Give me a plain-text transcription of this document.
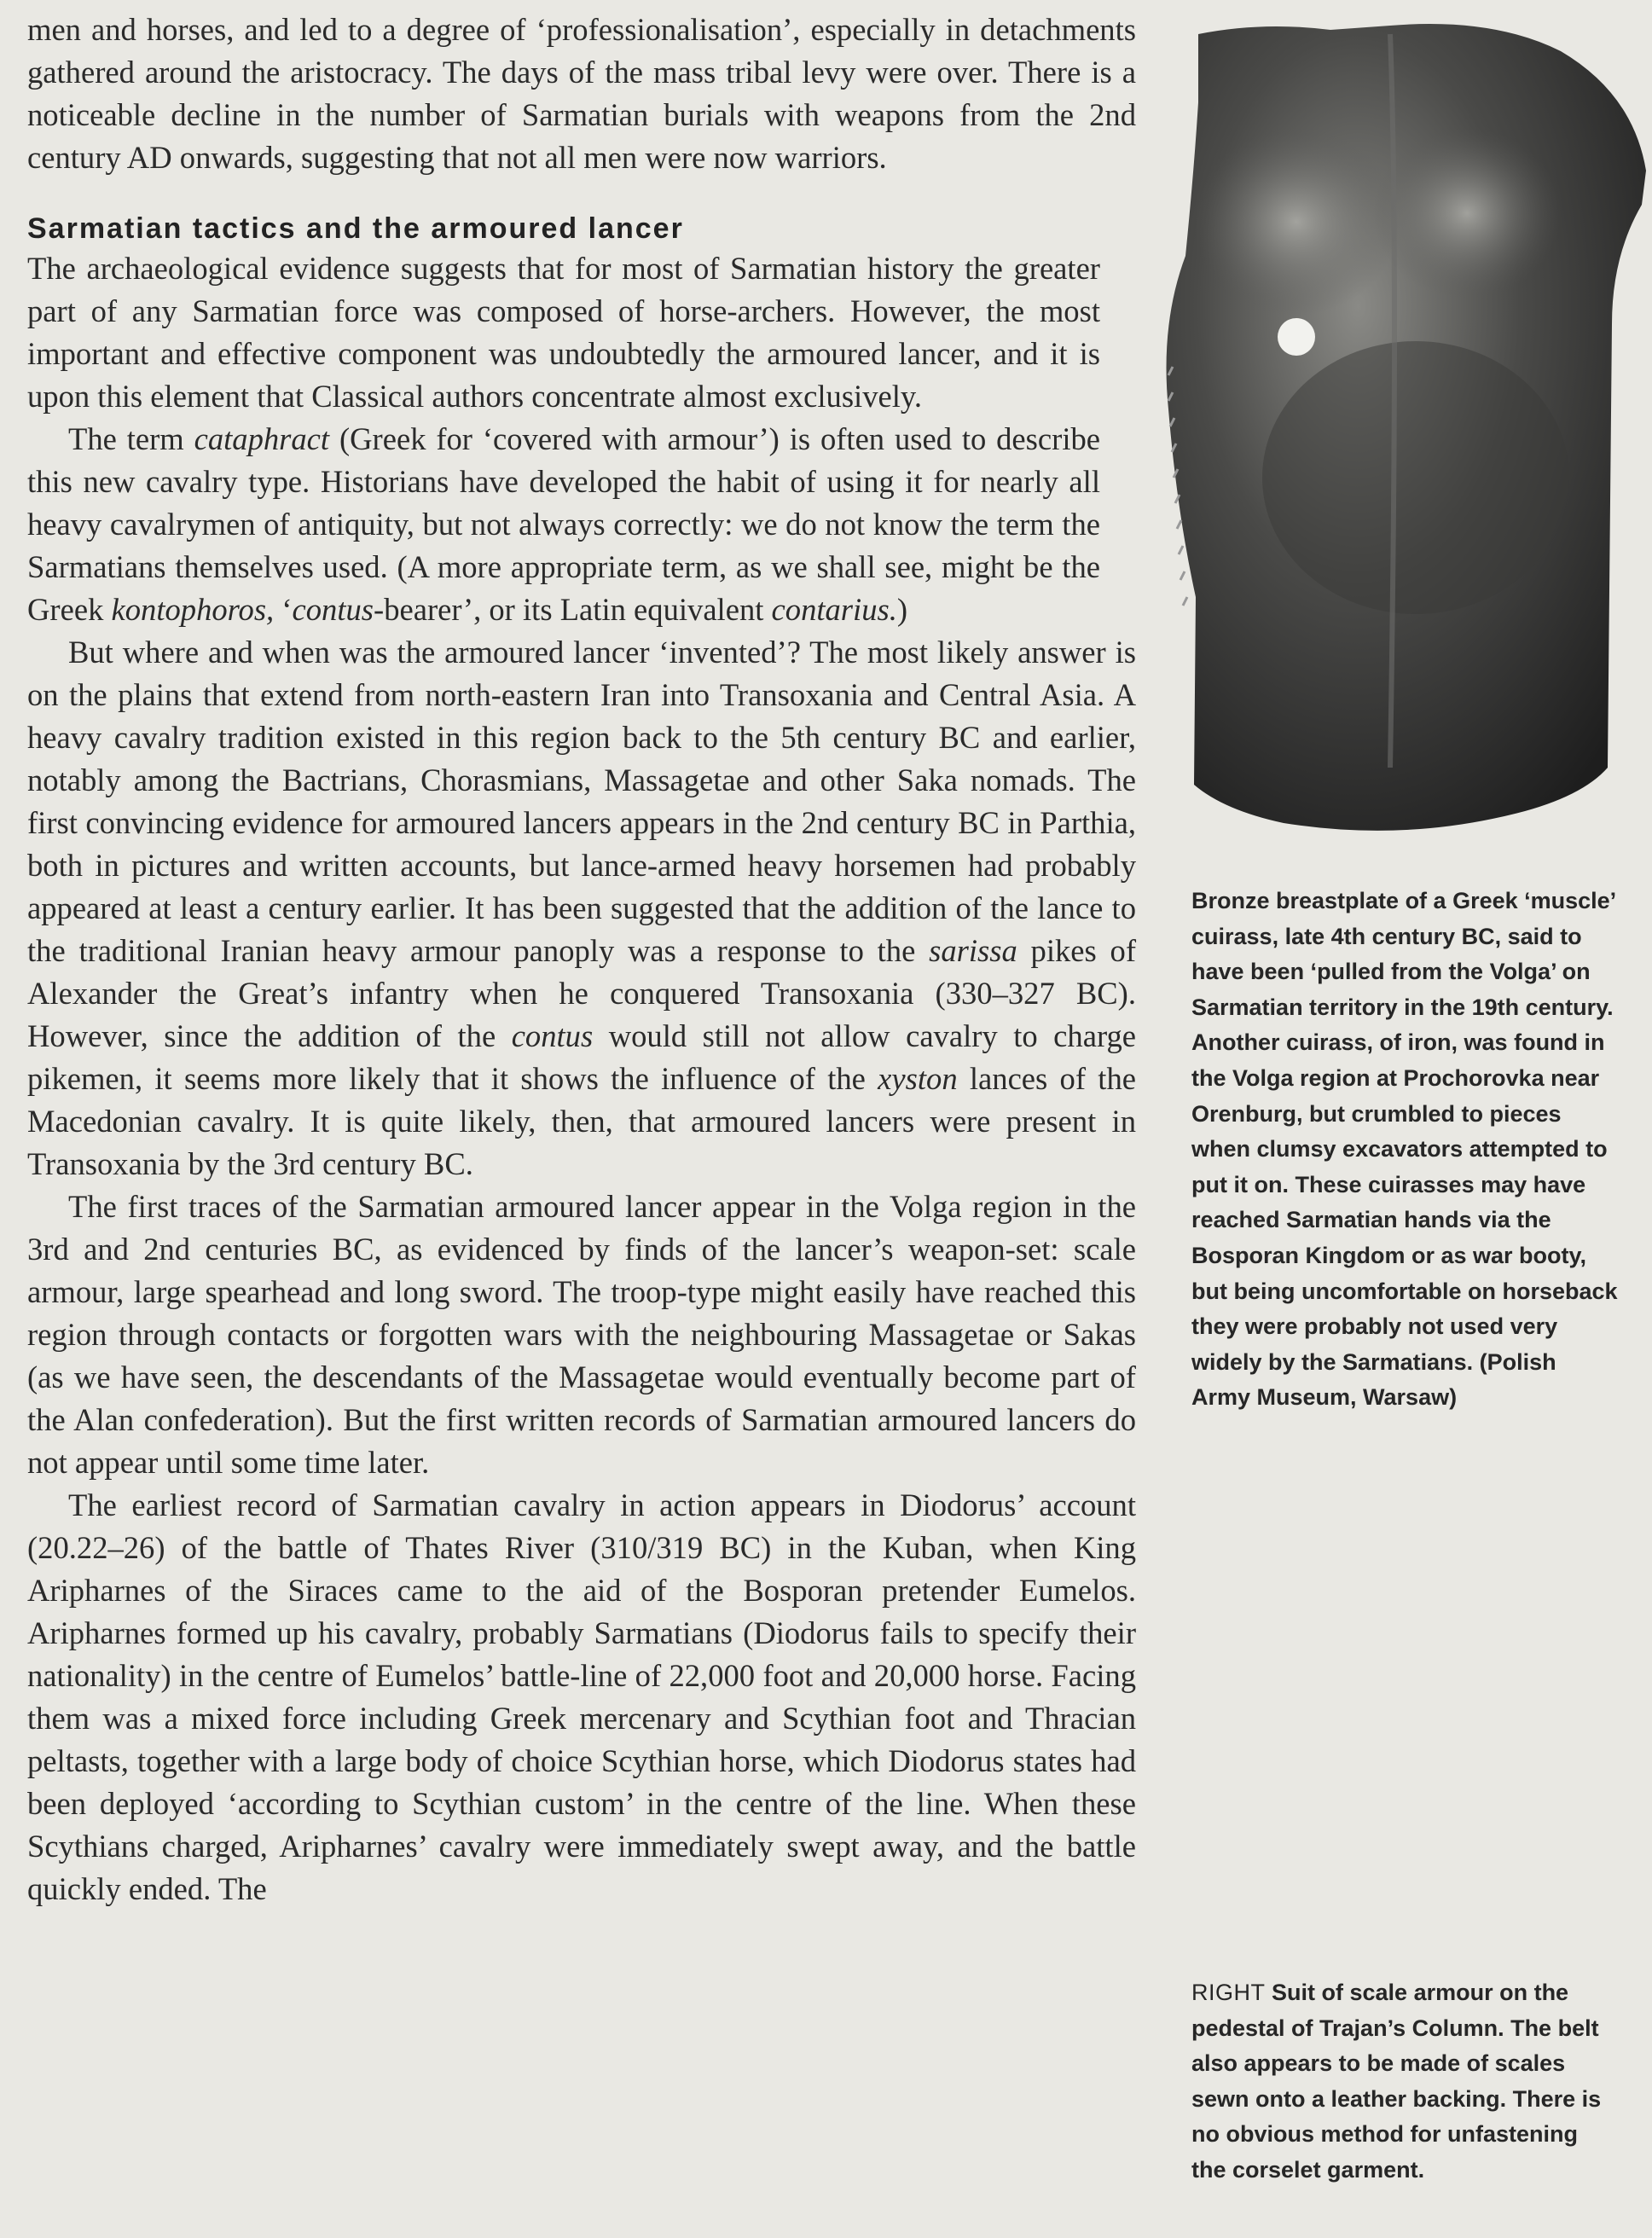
men and horses, and led to a degree of ‘professionalisation’, especially in detachments gathered around the aristocracy. The days of the mass tribal levy were over. There is a noticeable decline in the number of Sarmatian burials with weapons from the 2nd century AD onwards, suggesting that not all men were now warriors.

Sarmatian tactics and the armoured lancer

The archaeological evidence suggests that for most of Sarmatian history the greater part of any Sarmatian force was composed of horse-archers. However, the most important and effective component was undoubtedly the armoured lancer, and it is upon this element that Classical authors concentrate almost exclusively.

The term cataphract (Greek for ‘covered with armour’) is often used to describe this new cavalry type. Historians have developed the habit of using it for nearly all heavy cavalrymen of antiquity, but not always correctly: we do not know the term the Sarmatians themselves used. (A more appropriate term, as we shall see, might be the Greek kontophoros, ‘contus-bearer’, or its Latin equivalent contarius.)

But where and when was the armoured lancer ‘invented’? The most likely answer is on the plains that extend from north-eastern Iran into Transoxania and Central Asia. A heavy cavalry tradition existed in this region back to the 5th century BC and earlier, notably among the Bactrians, Chorasmians, Massagetae and other Saka nomads. The first convincing evidence for armoured lancers appears in the 2nd century BC in Parthia, both in pictures and written accounts, but lance-armed heavy horsemen had probably appeared at least a century earlier. It has been suggested that the addition of the lance to the traditional Iranian heavy armour panoply was a response to the sarissa pikes of Alexander the Great’s infantry when he conquered Transoxania (330–327 BC). However, since the addition of the contus would still not allow cavalry to charge pikemen, it seems more likely that it shows the influence of the xyston lances of the Macedonian cavalry. It is quite likely, then, that armoured lancers were present in Transoxania by the 3rd century BC.

The first traces of the Sarmatian armoured lancer appear in the Volga region in the 3rd and 2nd centuries BC, as evidenced by finds of the lancer’s weapon-set: scale armour, large spearhead and long sword. The troop-type might easily have reached this region through contacts or forgotten wars with the neighbouring Massagetae or Sakas (as we have seen, the descendants of the Massagetae would eventually become part of the Alan confederation). But the first written records of Sarmatian armoured lancers do not appear until some time later.

The earliest record of Sarmatian cavalry in action appears in Diodorus’ account (20.22–26) of the battle of Thates River (310/319 BC) in the Kuban, when King Aripharnes of the Siraces came to the aid of the Bosporan pretender Eumelos. Aripharnes formed up his cavalry, probably Sarmatians (Diodorus fails to specify their nationality) in the centre of Eumelos’ battle-line of 22,000 foot and 20,000 horse. Facing them was a mixed force including Greek mercenary and Scythian foot and Thracian peltasts, together with a large body of choice Scythian horse, which Diodorus states had been deployed ‘according to Scythian custom’ in the centre of the line. When these Scythians charged, Aripharnes’ cavalry were immediately swept away, and the battle quickly ended. The

Bronze breastplate of a Greek ‘muscle’ cuirass, late 4th century BC, said to have been ‘pulled from the Volga’ on Sarmatian territory in the 19th century. Another cuirass, of iron, was found in the Volga region at Prochorovka near Orenburg, but crumbled to pieces when clumsy excavators attempted to put it on. These cuirasses may have reached Sarmatian hands via the Bosporan Kingdom or as war booty, but being uncomfortable on horseback they were probably not used very widely by the Sarmatians. (Polish Army Museum, Warsaw)

RIGHT Suit of scale armour on the pedestal of Trajan’s Column. The belt also appears to be made of scales sewn onto a leather backing. There is no obvious method for unfastening the corselet garment.
